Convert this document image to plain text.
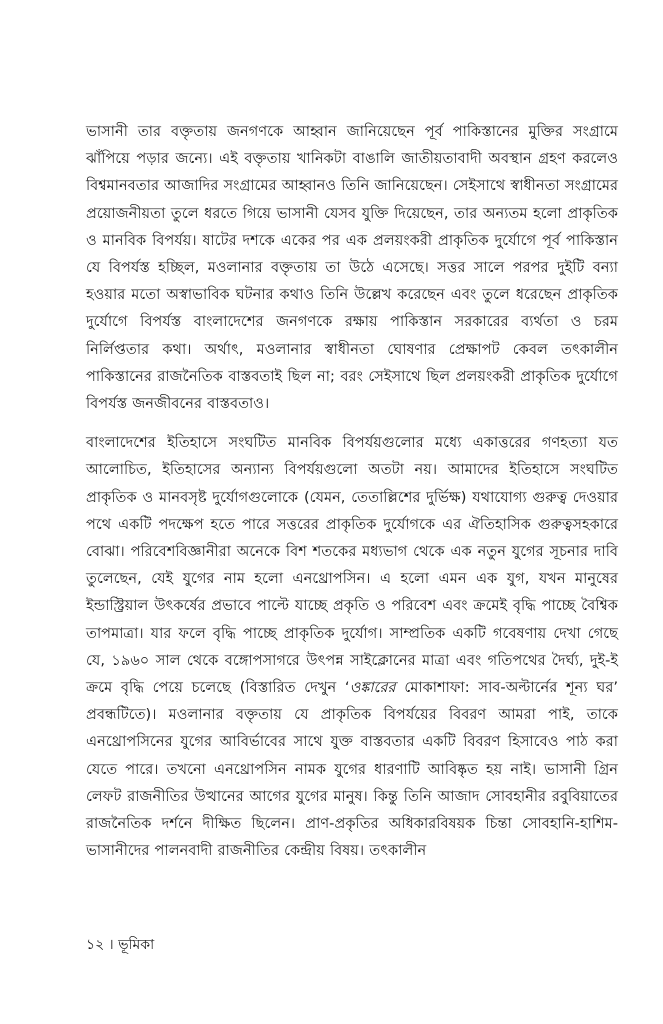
ভাসানী তার বক্তৃতায় জনগণকে আহ্বান জানিয়েছেন পূর্ব পাকিস্তানের মুক্তির সংগ্রামে ঝাঁপিয়ে পড়ার জন্যে। এই বক্তৃতায় খানিকটা বাঙালি জাতীয়তাবাদী অবস্থান গ্রহণ করলেও বিশ্বমানবতার আজাদির সংগ্রামের আহ্বানও তিনি জানিয়েছেন। সেইসাথে স্বাধীনতা সংগ্রামের প্রয়োজনীয়তা তুলে ধরতে গিয়ে ভাসানী যেসব যুক্তি দিয়েছেন, তার অন্যতম হলো প্রাকৃতিক ও মানবিক বিপর্যয়। ষাটের দশকে একের পর এক প্রলয়ংকরী প্রাকৃতিক দুর্যোগে পূর্ব পাকিস্তান যে বিপর্যস্ত হচ্ছিল, মওলানার বক্তৃতায় তা উঠে এসেছে। সত্তর সালে পরপর দুইটি বন্যা হওয়ার মতো অস্বাভাবিক ঘটনার কথাও তিনি উল্লেখ করেছেন এবং তুলে ধরেছেন প্রাকৃতিক দুর্যোগে বিপর্যস্ত বাংলাদেশের জনগণকে রক্ষায় পাকিস্তান সরকারের ব্যর্থতা ও চরম নির্লিপ্ততার কথা। অর্থাৎ, মওলানার স্বাধীনতা ঘোষণার প্রেক্ষাপট কেবল তৎকালীন পাকিস্তানের রাজনৈতিক বাস্তবতাই ছিল না; বরং সেইসাথে ছিল প্রলয়ংকরী প্রাকৃতিক দুর্যোগে বিপর্যস্ত জনজীবনের বাস্তবতাও।

বাংলাদেশের ইতিহাসে সংঘটিত মানবিক বিপর্যয়গুলোর মধ্যে একাত্তরের গণহত্যা যত আলোচিত, ইতিহাসের অন্যান্য বিপর্যয়গুলো অতটা নয়। আমাদের ইতিহাসে সংঘটিত প্রাকৃতিক ও মানবসৃষ্ট দুর্যোগগুলোকে (যেমন, তেতাল্লিশের দুর্ভিক্ষ) যথাযোগ্য গুরুত্ব দেওয়ার পথে একটি পদক্ষেপ হতে পারে সত্তরের প্রাকৃতিক দুর্যোগকে এর ঐতিহাসিক গুরুত্বসহকারে বোঝা। পরিবেশবিজ্ঞানীরা অনেকে বিশ শতকের মধ্যভাগ থেকে এক নতুন যুগের সূচনার দাবি তুলেছেন, যেই যুগের নাম হলো এনথ্রোপসিন। এ হলো এমন এক যুগ, যখন মানুষের ইন্ডাস্ট্রিয়াল উৎকর্ষের প্রভাবে পাল্টে যাচ্ছে প্রকৃতি ও পরিবেশ এবং ক্রমেই বৃদ্ধি পাচ্ছে বৈশ্বিক তাপমাত্রা। যার ফলে বৃদ্ধি পাচ্ছে প্রাকৃতিক দুর্যোগ। সাম্প্রতিক একটি গবেষণায় দেখা গেছে যে, ১৯৬০ সাল থেকে বঙ্গোপসাগরে উৎপন্ন সাইক্লোনের মাত্রা এবং গতিপথের দৈর্ঘ্য, দুই-ই ক্রমে বৃদ্ধি পেয়ে চলেছে (বিস্তারিত দেখুন ‘ওঙ্কারের মোকাশাফা: সাব-অল্টার্নের শূন্য ঘর’ প্রবন্ধটিতে)। মওলানার বক্তৃতায় যে প্রাকৃতিক বিপর্যয়ের বিবরণ আমরা পাই, তাকে এনথ্রোপসিনের যুগের আবির্ভাবের সাথে যুক্ত বাস্তবতার একটি বিবরণ হিসাবেও পাঠ করা যেতে পারে। তখনো এনথ্রোপসিন নামক যুগের ধারণাটি আবিষ্কৃত হয় নাই। ভাসানী গ্রিন লেফট রাজনীতির উত্থানের আগের যুগের মানুষ। কিন্তু তিনি আজাদ সোবহানীর রবুবিয়াতের রাজনৈতিক দর্শনে দীক্ষিত ছিলেন। প্রাণ-প্রকৃতির অধিকারবিষয়ক চিন্তা সোবহানি-হাশিম-ভাসানীদের পালনবাদী রাজনীতির কেন্দ্রীয় বিষয়। তৎকালীন

১২ । ভূমিকা
